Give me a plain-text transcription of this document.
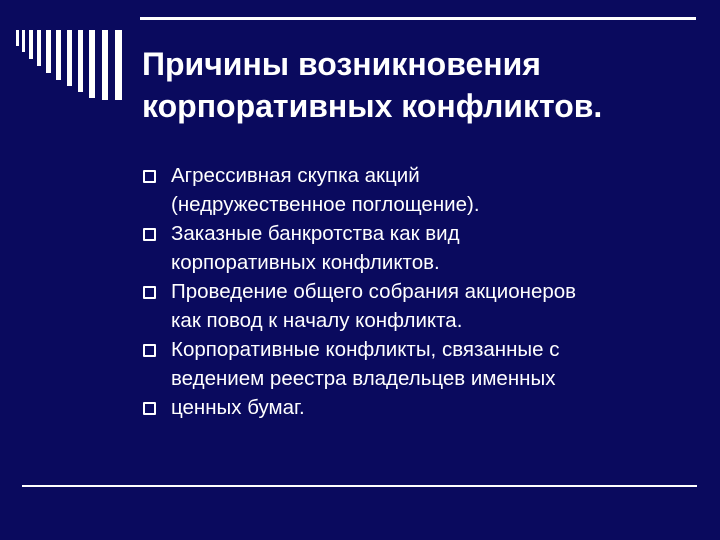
Причины возникновения
корпоративных конфликтов.
Агрессивная скупка акций
(недружественное поглощение).
Заказные банкротства как вид
корпоративных конфликтов.
Проведение общего собрания акционеров
как повод к началу конфликта.
Корпоративные конфликты, связанные с
ведением реестра владельцев именных
ценных бумаг.
